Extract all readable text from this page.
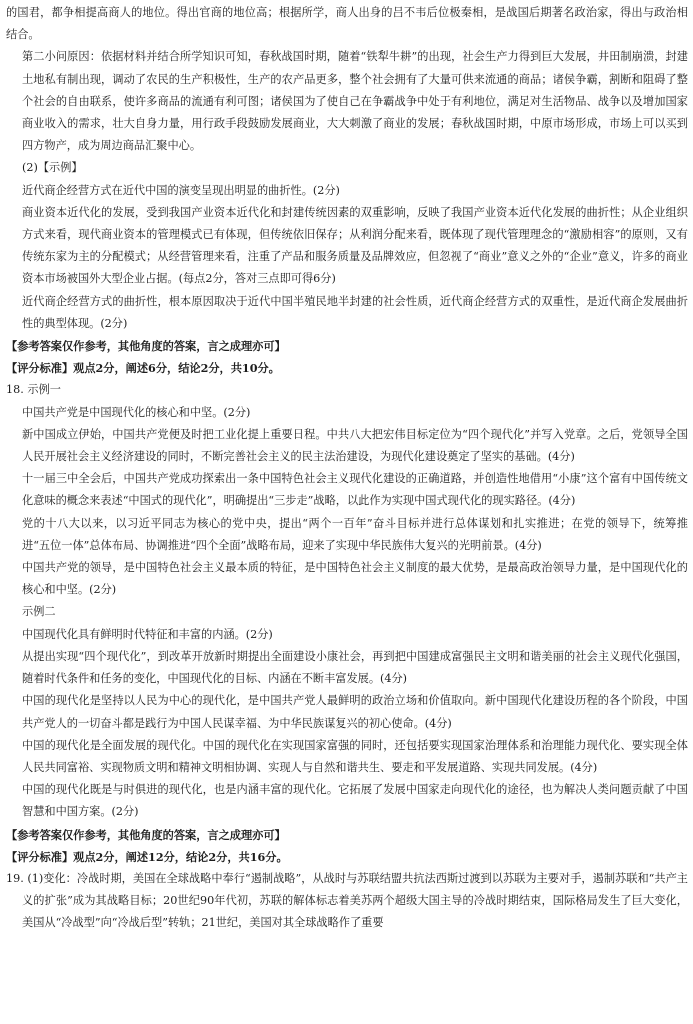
的国君，都争相提高商人的地位。得出官商的地位高；根据所学，商人出身的吕不韦后位极秦相，是战国后期著名政治家，得出与政治相结合。

第二小问原因：依据材料并结合所学知识可知，春秋战国时期，随着“铁犁牛耕”的出现，社会生产力得到巨大发展，井田制崩溃，封建土地私有制出现，调动了农民的生产积极性，生产的农产品更多，整个社会拥有了大量可供来流通的商品；诸侯争霸，割断和阻碍了整个社会的自由联系，使许多商品的流通有利可图；诸侯国为了使自己在争霸战争中处于有利地位，满足对生活物品、战争以及增加国家商业收入的需求，壮大自身力量，用行政手段鼓励发展商业，大大刺激了商业的发展；春秋战国时期，中原市场形成，市场上可以买到四方物产，成为周边商品汇聚中心。

(2)【示例】

近代商企经营方式在近代中国的演变呈现出明显的曲折性。(2分)

商业资本近代化的发展，受到我国产业资本近代化和封建传统因素的双重影响，反映了我国产业资本近代化发展的曲折性；从企业组织方式来看，现代商业资本的管理模式已有体现，但传统依旧保存；从利润分配来看，既体现了现代管理理念的“激励相容”的原则，又有传统东家为主的分配模式；从经营管理来看，注重了产品和服务质量及品牌效应，但忽视了“商业”意义之外的“企业”意义，许多的商业资本市场被国外大型企业占据。(每点2分，答对三点即可得6分)

近代商企经营方式的曲折性，根本原因取决于近代中国半殖民地半封建的社会性质，近代商企经营方式的双重性，是近代商企发展曲折性的典型体现。(2分)

【参考答案仅作参考，其他角度的答案，言之成理亦可】

【评分标准】观点2分，阐述6分，结论2分，共10分。

18. 示例一

中国共产党是中国现代化的核心和中坚。(2分)

新中国成立伊始，中国共产党便及时把工业化提上重要日程。中共八大把宏伟目标定位为“四个现代化”并写入党章。之后，党领导全国人民开展社会主义经济建设的同时，不断完善社会主义的民主法治建设，为现代化建设奠定了坚实的基础。(4分)

十一届三中全会后，中国共产党成功探索出一条中国特色社会主义现代化建设的正确道路，并创造性地借用“小康”这个富有中国传统文化意味的概念来表述“中国式的现代化”，明确提出“三步走”战略，以此作为实现中国式现代化的现实路径。(4分)

党的十八大以来，以习近平同志为核心的党中央，提出“两个一百年”奋斗目标并进行总体谋划和扎实推进；在党的领导下，统筹推进“五位一体”总体布局、协调推进“四个全面”战略布局，迎来了实现中华民族伟大复兴的光明前景。(4分)

中国共产党的领导，是中国特色社会主义最本质的特征，是中国特色社会主义制度的最大优势，是最高政治领导力量，是中国现代化的核心和中坚。(2分)

示例二

中国现代化具有鲜明时代特征和丰富的内涵。(2分)

从提出实现“四个现代化”，到改革开放新时期提出全面建设小康社会，再到把中国建成富强民主文明和谐美丽的社会主义现代化强国，随着时代条件和任务的变化，中国现代化的目标、内涵在不断丰富发展。(4分)

中国的现代化是坚持以人民为中心的现代化，是中国共产党人最鲜明的政治立场和价值取向。新中国现代化建设历程的各个阶段，中国共产党人的一切奋斗都是践行为中国人民谋幸福、为中华民族谋复兴的初心使命。(4分)

中国的现代化是全面发展的现代化。中国的现代化在实现国家富强的同时，还包括要实现国家治理体系和治理能力现代化、要实现全体人民共同富裕、实现物质文明和精神文明相协调、实现人与自然和谐共生、要走和平发展道路、实现共同发展。(4分)

中国的现代化既是与时俱进的现代化，也是内涵丰富的现代化。它拓展了发展中国家走向现代化的途径，也为解决人类问题贡献了中国智慧和中国方案。(2分)

【参考答案仅作参考，其他角度的答案，言之成理亦可】

【评分标准】观点2分，阐述12分，结论2分，共16分。

19. (1)变化：冷战时期，美国在全球战略中奉行“遏制战略”，从战时与苏联结盟共抗法西斯过渡到以苏联为主要对手，遏制苏联和“共产主义的扩张”成为其战略目标；20世纪90年代初，苏联的解体标志着美苏两个超级大国主导的冷战时期结束，国际格局发生了巨大变化，美国从“冷战型”向“冷战后型”转轨；21世纪，美国对其全球战略作了重要
